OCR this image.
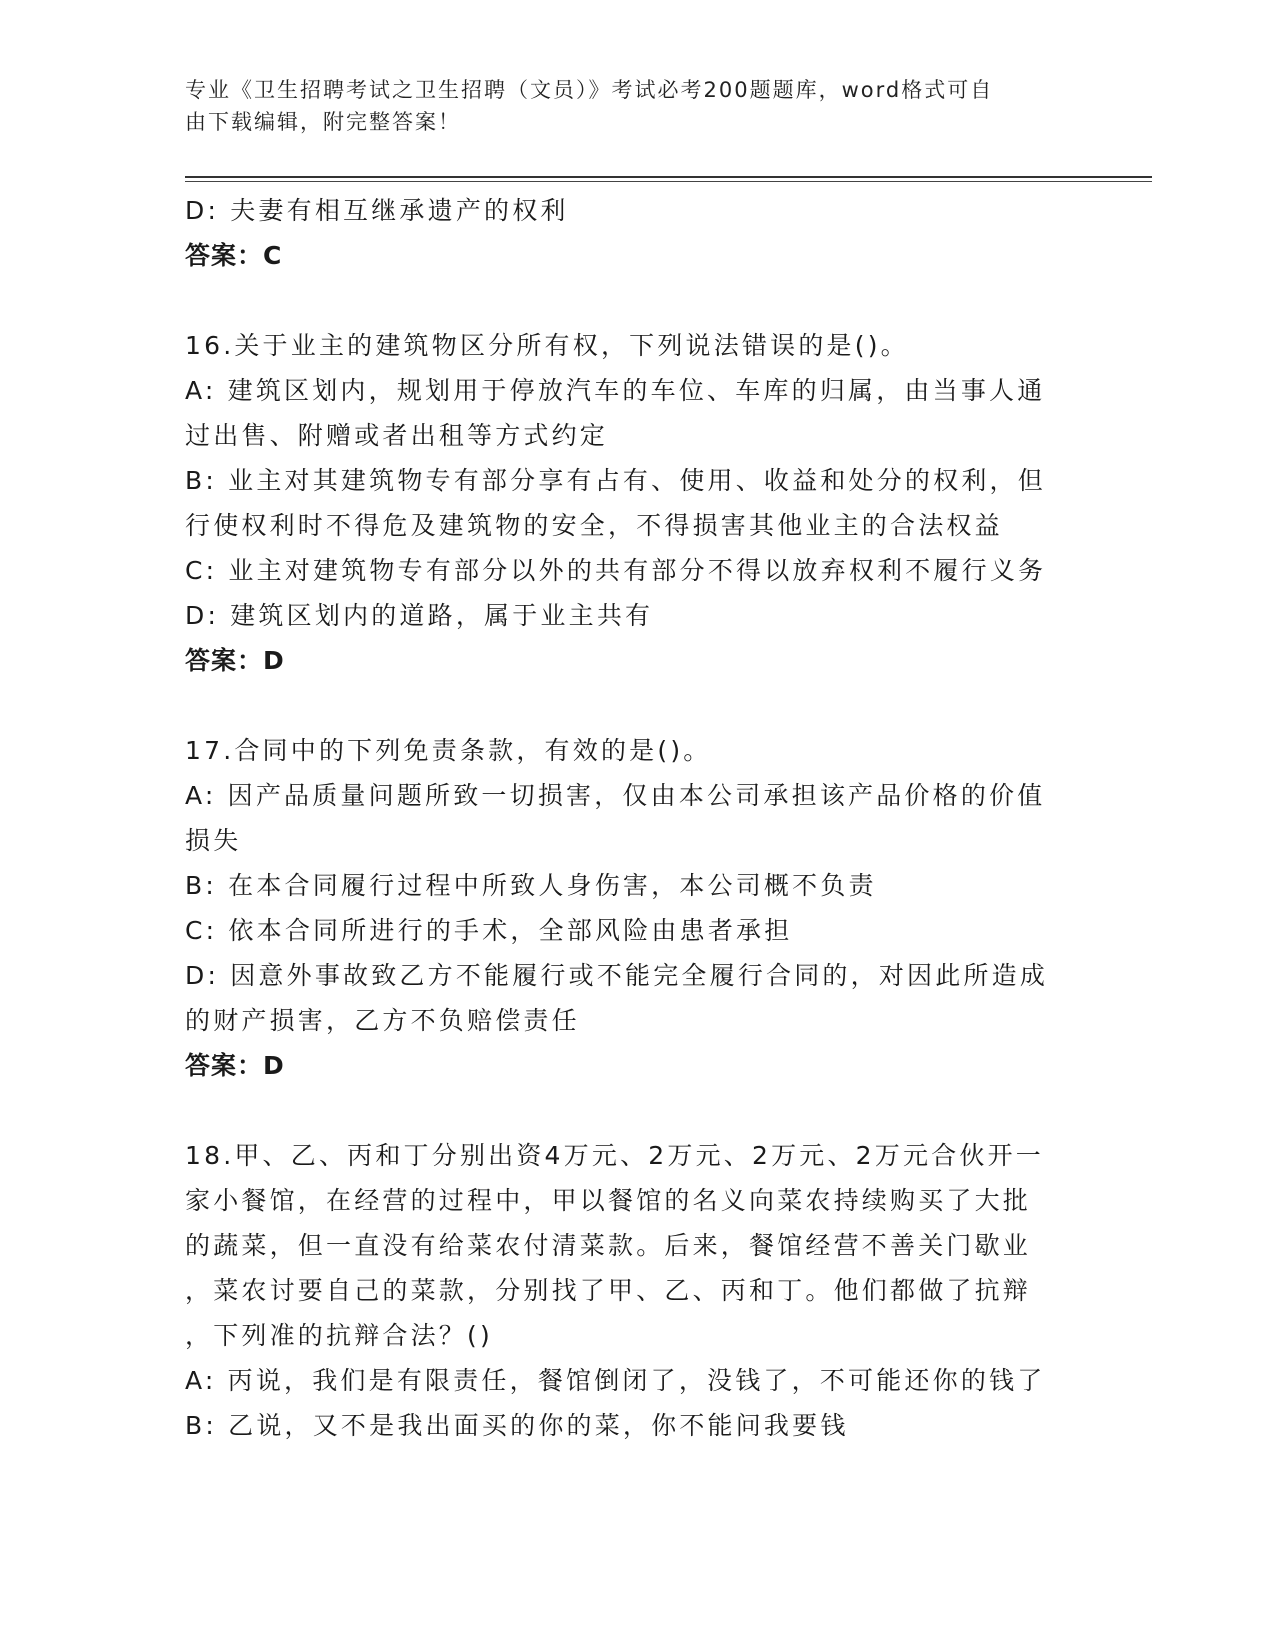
专业《卫生招聘考试之卫生招聘（文员）》考试必考200题题库，word格式可自
由下载编辑，附完整答案！
D: 夫妻有相互继承遗产的权利
答案：C
16.关于业主的建筑物区分所有权，下列说法错误的是()。
A: 建筑区划内，规划用于停放汽车的车位、车库的归属，由当事人通
过出售、附赠或者出租等方式约定
B: 业主对其建筑物专有部分享有占有、使用、收益和处分的权利，但
行使权利时不得危及建筑物的安全，不得损害其他业主的合法权益
C: 业主对建筑物专有部分以外的共有部分不得以放弃权利不履行义务
D: 建筑区划内的道路，属于业主共有
答案：D
17.合同中的下列免责条款，有效的是()。
A: 因产品质量问题所致一切损害，仅由本公司承担该产品价格的价值
损失
B: 在本合同履行过程中所致人身伤害，本公司概不负责
C: 依本合同所进行的手术，全部风险由患者承担
D: 因意外事故致乙方不能履行或不能完全履行合同的，对因此所造成
的财产损害，乙方不负赔偿责任
答案：D
18.甲、乙、丙和丁分别出资4万元、2万元、2万元、2万元合伙开一
家小餐馆，在经营的过程中，甲以餐馆的名义向菜农持续购买了大批
的蔬菜，但一直没有给菜农付清菜款。后来，餐馆经营不善关门歇业
，菜农讨要自己的菜款，分别找了甲、乙、丙和丁。他们都做了抗辩
，下列准的抗辩合法？()
A: 丙说，我们是有限责任，餐馆倒闭了，没钱了，不可能还你的钱了
B: 乙说，又不是我出面买的你的菜，你不能问我要钱
